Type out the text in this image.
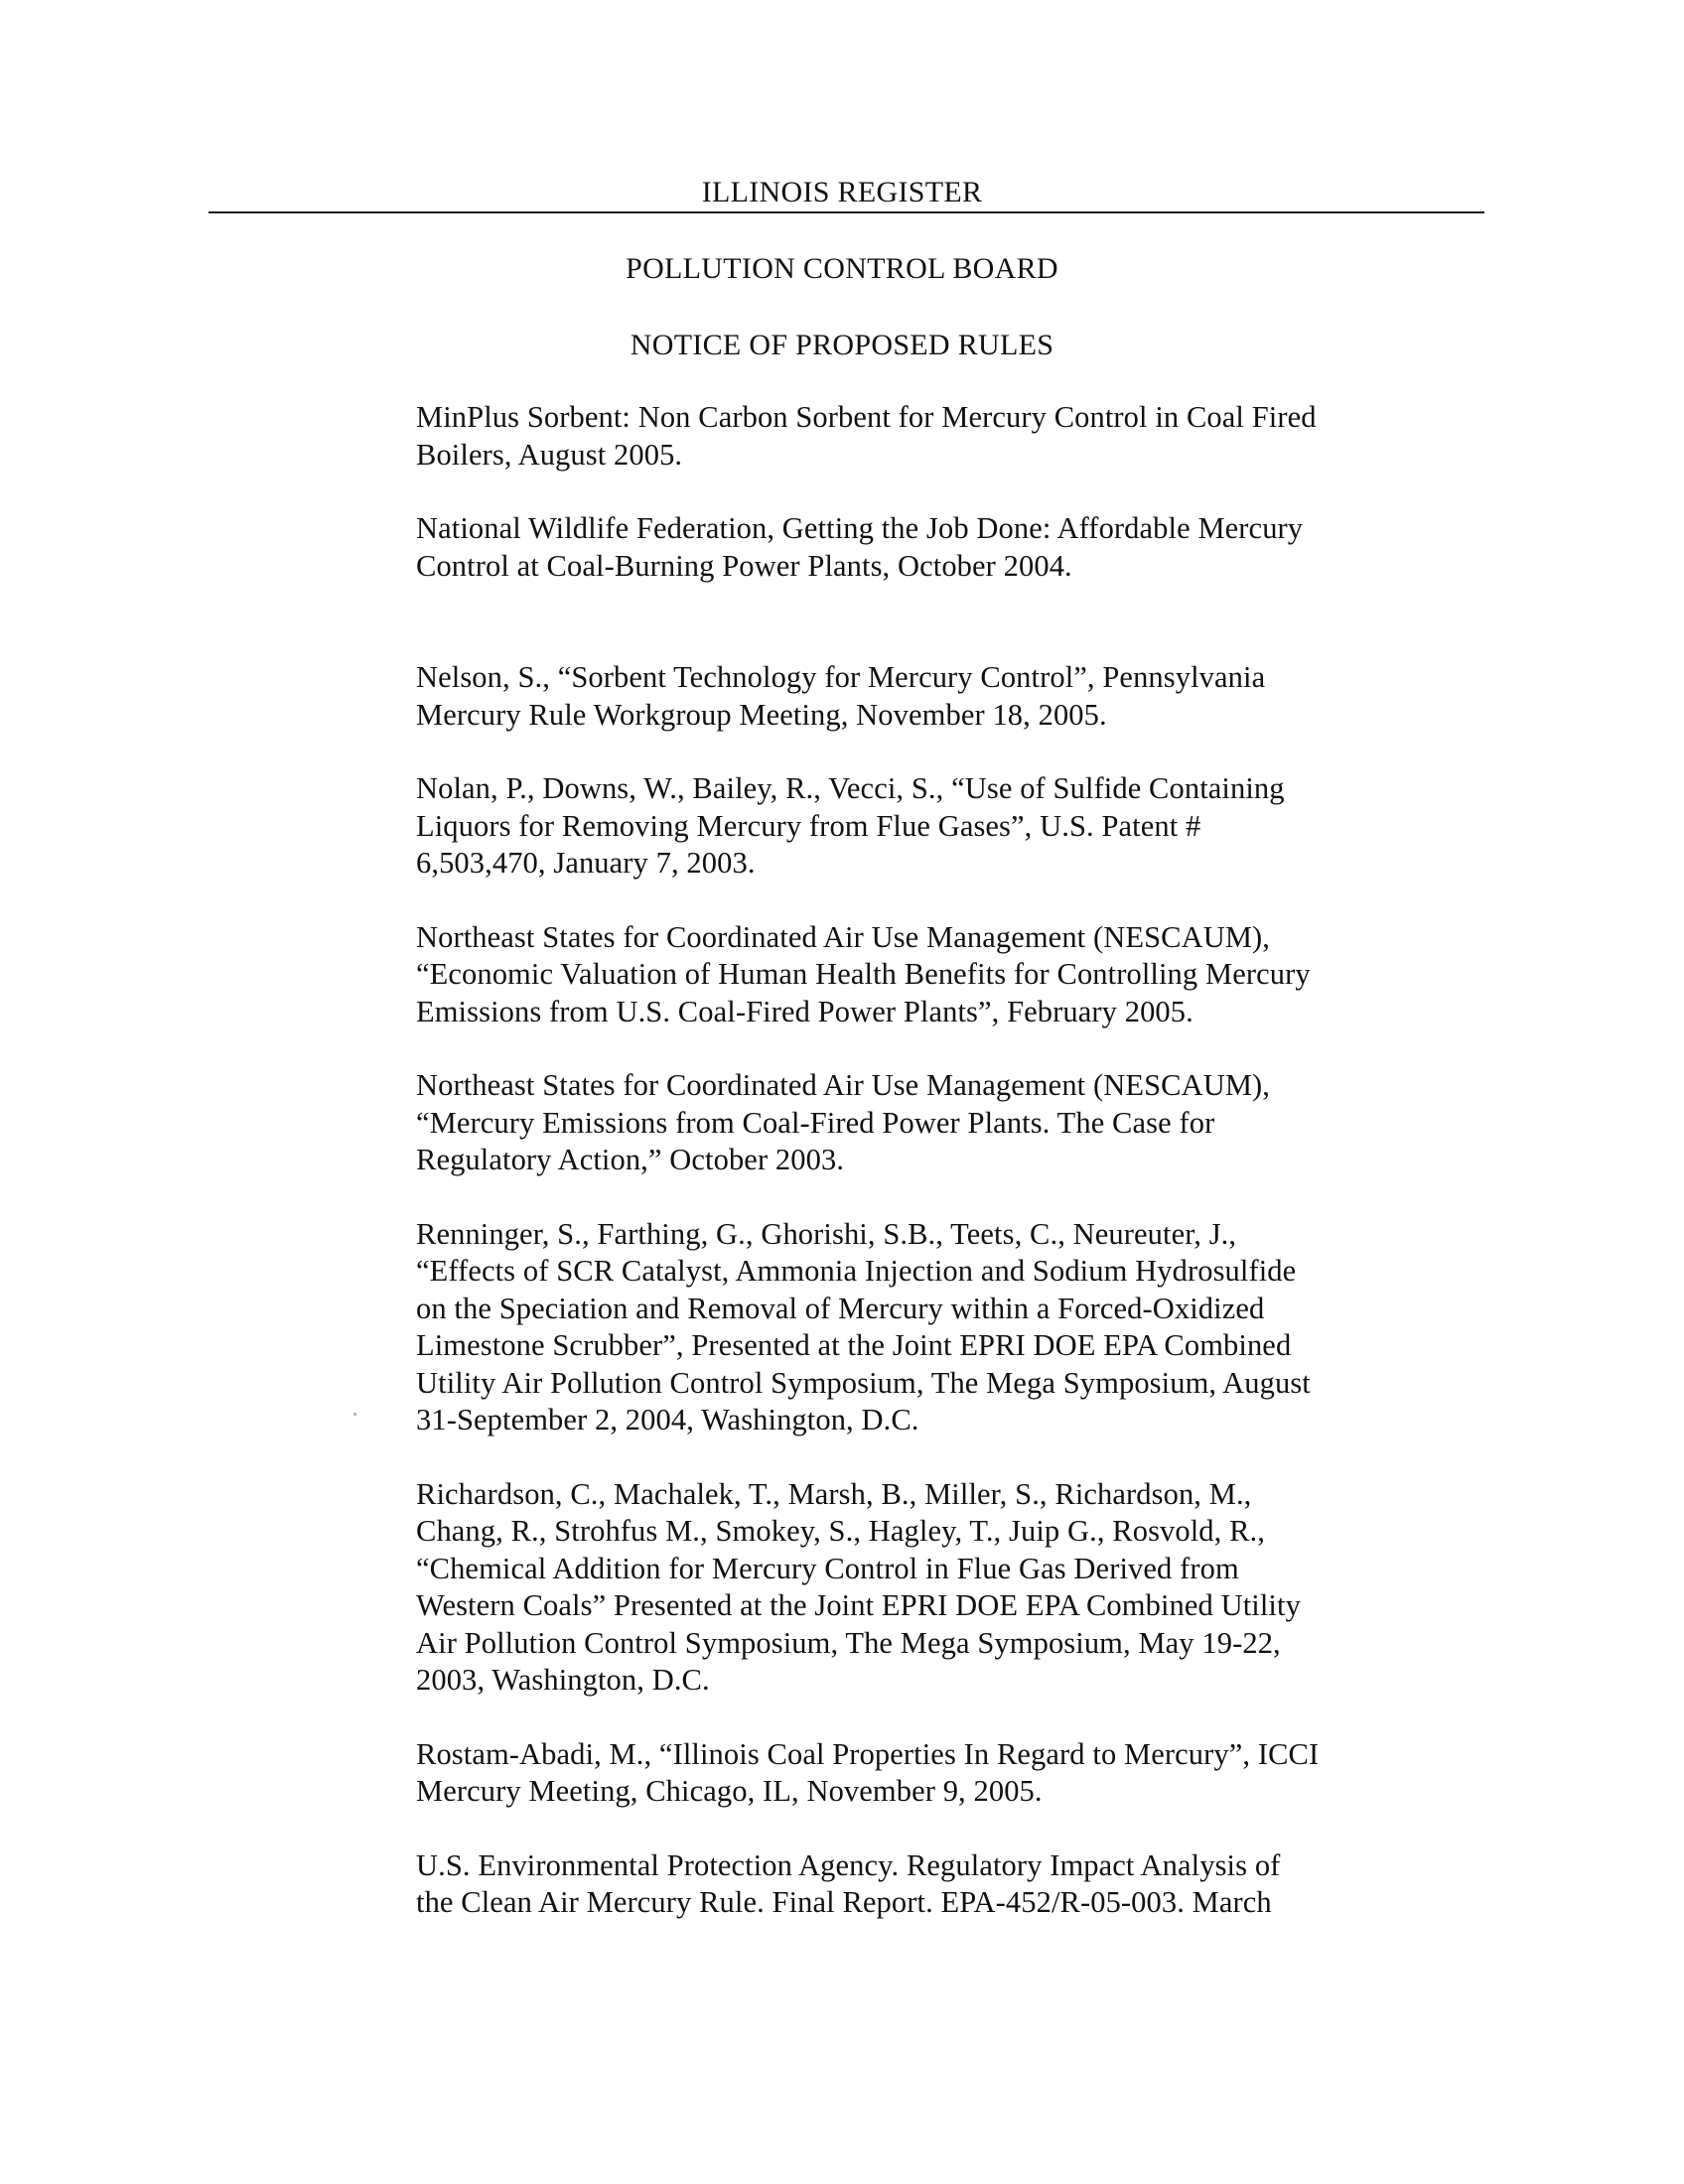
ILLINOIS REGISTER
POLLUTION CONTROL BOARD
NOTICE OF PROPOSED RULES
MinPlus Sorbent: Non Carbon Sorbent for Mercury Control in Coal Fired
Boilers, August 2005.
National Wildlife Federation, Getting the Job Done: Affordable Mercury
Control at Coal-Burning Power Plants, October 2004.
Nelson, S., “Sorbent Technology for Mercury Control”, Pennsylvania
Mercury Rule Workgroup Meeting, November 18, 2005.
Nolan, P., Downs, W., Bailey, R., Vecci, S., “Use of Sulfide Containing
Liquors for Removing Mercury from Flue Gases”, U.S. Patent #
6,503,470, January 7, 2003.
Northeast States for Coordinated Air Use Management (NESCAUM),
“Economic Valuation of Human Health Benefits for Controlling Mercury
Emissions from U.S. Coal-Fired Power Plants”, February 2005.
Northeast States for Coordinated Air Use Management (NESCAUM),
“Mercury Emissions from Coal-Fired Power Plants. The Case for
Regulatory Action,” October 2003.
Renninger, S., Farthing, G., Ghorishi, S.B., Teets, C., Neureuter, J.,
“Effects of SCR Catalyst, Ammonia Injection and Sodium Hydrosulfide
on the Speciation and Removal of Mercury within a Forced-Oxidized
Limestone Scrubber”, Presented at the Joint EPRI DOE EPA Combined
Utility Air Pollution Control Symposium, The Mega Symposium, August
31-September 2, 2004, Washington, D.C.
Richardson, C., Machalek, T., Marsh, B., Miller, S., Richardson, M.,
Chang, R., Strohfus M., Smokey, S., Hagley, T., Juip G., Rosvold, R.,
“Chemical Addition for Mercury Control in Flue Gas Derived from
Western Coals” Presented at the Joint EPRI DOE EPA Combined Utility
Air Pollution Control Symposium, The Mega Symposium, May 19-22,
2003, Washington, D.C.
Rostam-Abadi, M., “Illinois Coal Properties In Regard to Mercury”, ICCI
Mercury Meeting, Chicago, IL, November 9, 2005.
U.S. Environmental Protection Agency. Regulatory Impact Analysis of
the Clean Air Mercury Rule. Final Report. EPA-452/R-05-003. March
